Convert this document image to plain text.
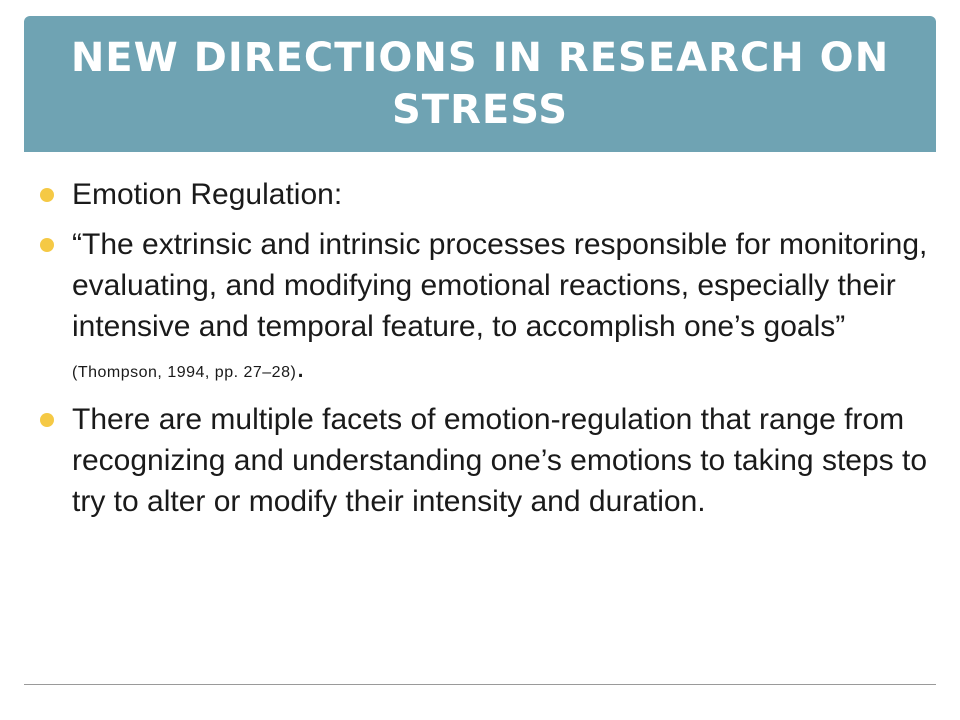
NEW DIRECTIONS IN RESEARCH ON STRESS
Emotion Regulation:
“The extrinsic and intrinsic processes responsible for monitoring, evaluating, and modifying emotional reactions, especially their intensive and temporal feature, to accomplish one’s goals” (Thompson, 1994, pp. 27–28).
There are multiple facets of emotion-regulation that range from recognizing and understanding one’s emotions to taking steps to try to alter or modify their intensity and duration.
